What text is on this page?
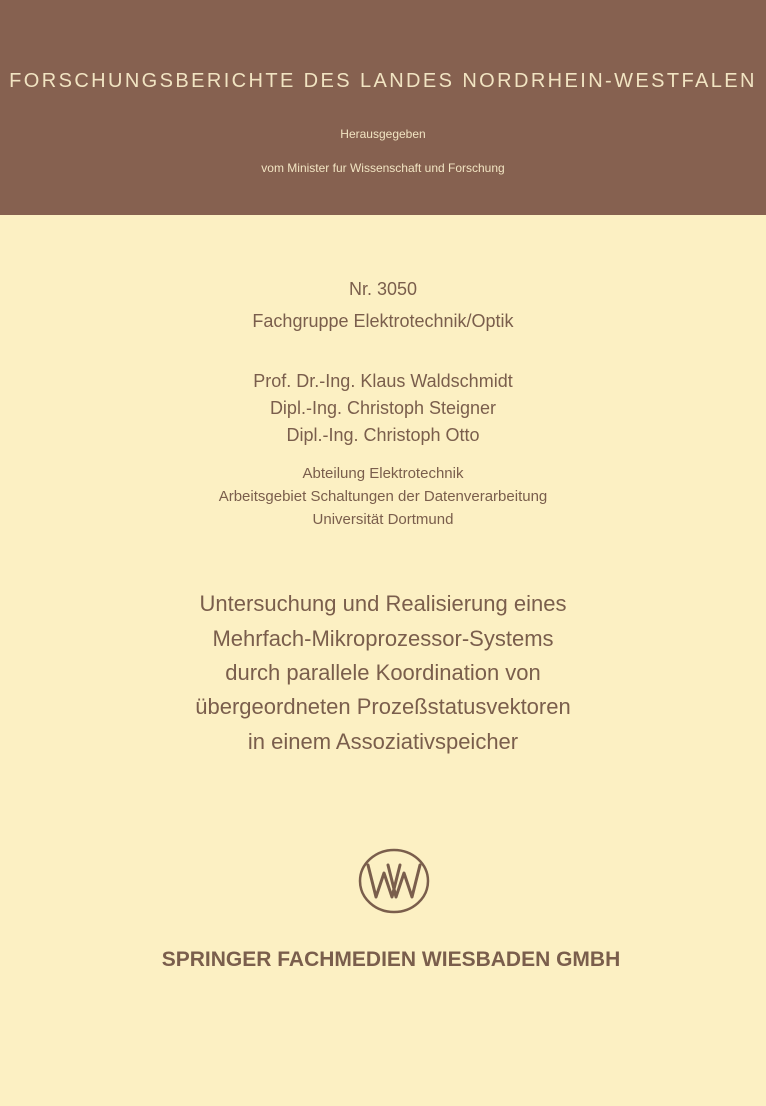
FORSCHUNGSBERICHTE DES LANDES NORDRHEIN-WESTFALEN
Herausgegeben
vom Minister fur Wissenschaft und Forschung
Nr. 3050
Fachgruppe Elektrotechnik/Optik
Prof. Dr.-Ing. Klaus Waldschmidt
Dipl.-Ing. Christoph Steigner
Dipl.-Ing. Christoph Otto
Abteilung Elektrotechnik
Arbeitsgebiet Schaltungen der Datenverarbeitung
Universität Dortmund
Untersuchung und Realisierung eines
Mehrfach-Mikroprozessor-Systems
durch parallele Koordination von
übergeordneten Prozeßstatusvektoren
in einem Assoziativspeicher
SPRINGER FACHMEDIEN WIESBADEN GMBH
